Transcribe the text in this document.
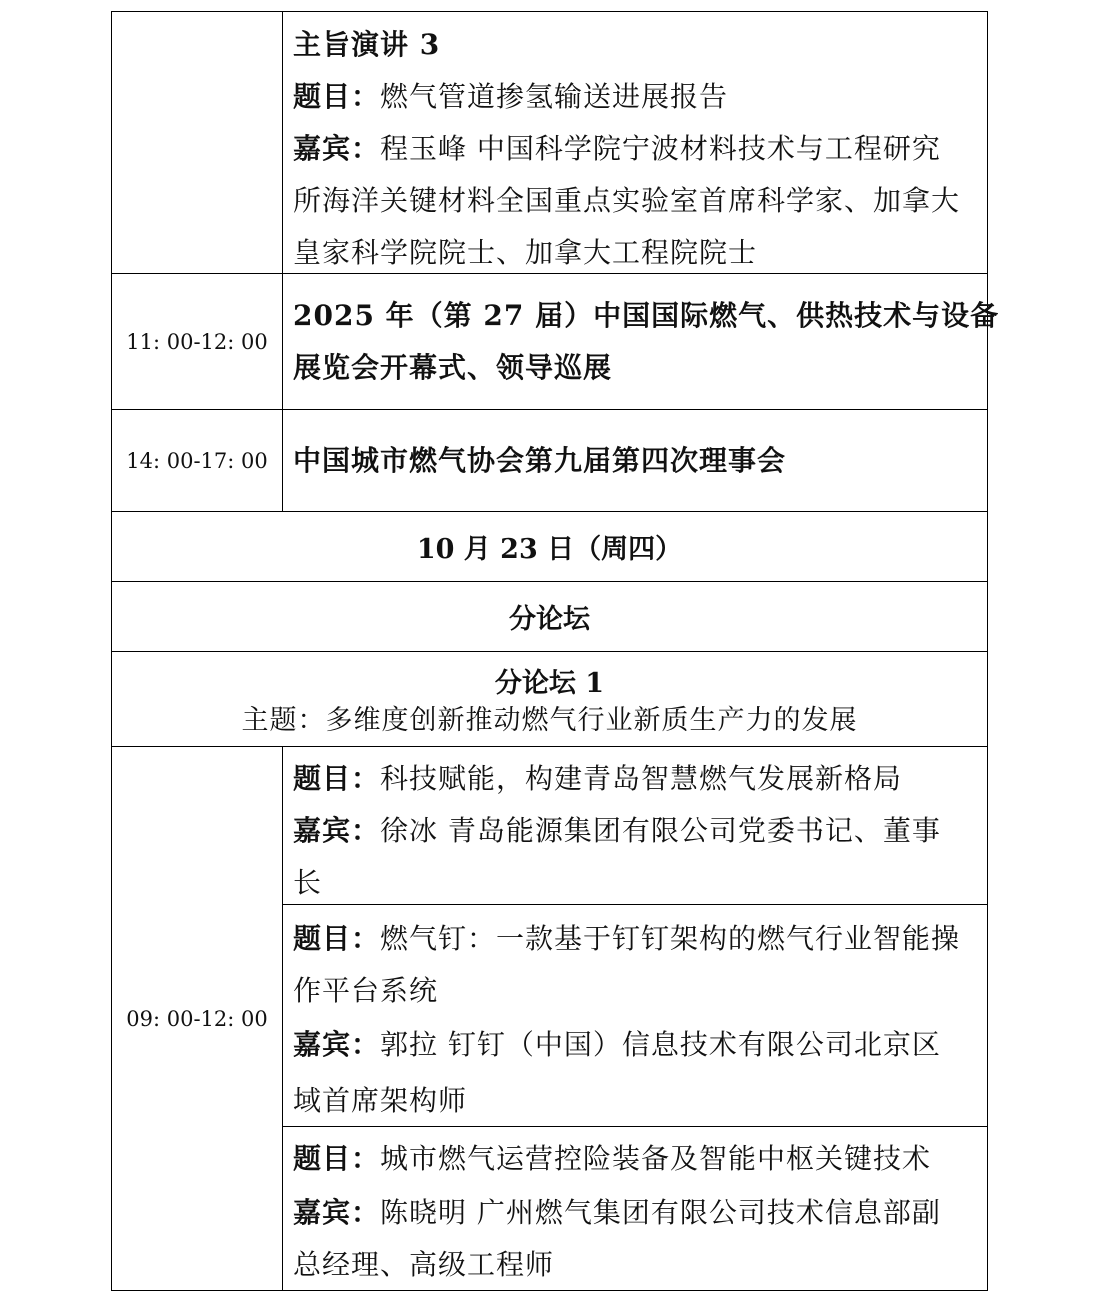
主旨演讲 3
题目：燃气管道掺氢输送进展报告
嘉宾：程玉峰 中国科学院宁波材料技术与工程研究
所海洋关键材料全国重点实验室首席科学家、加拿大
皇家科学院院士、加拿大工程院院士
11: 00-12: 00
2025 年（第 27 届）中国国际燃气、供热技术与设备
展览会开幕式、领导巡展
14: 00-17: 00 中国城市燃气协会第九届第四次理事会
10 月 23 日（周四）
分论坛
分论坛 1
主题：多维度创新推动燃气行业新质生产力的发展
09: 00-12: 00
题目：科技赋能，构建青岛智慧燃气发展新格局
嘉宾：徐冰 青岛能源集团有限公司党委书记、董事
长
题目：燃气钉：一款基于钉钉架构的燃气行业智能操
作平台系统
嘉宾：郭拉 钉钉（中国）信息技术有限公司北京区
域首席架构师
题目：城市燃气运营控险装备及智能中枢关键技术
嘉宾：陈晓明 广州燃气集团有限公司技术信息部副
总经理、高级工程师
